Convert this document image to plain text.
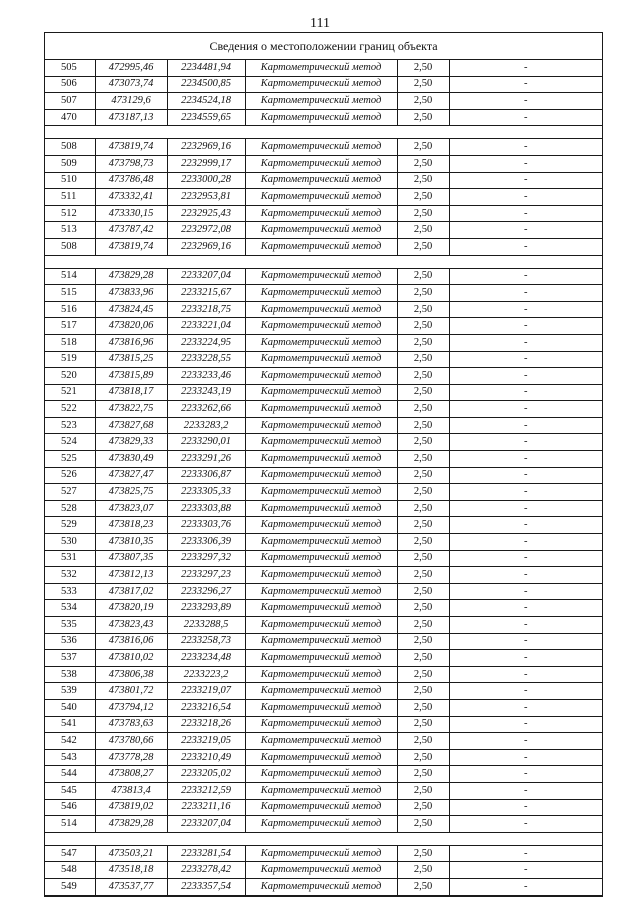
111
Сведения о местоположении границ объекта
505	472995,46	2234481,94	Картометрический метод	2,50	-
506	473073,74	2234500,85	Картометрический метод	2,50	-
507	473129,6	2234524,18	Картометрический метод	2,50	-
470	473187,13	2234559,65	Картометрический метод	2,50	-

508	473819,74	2232969,16	Картометрический метод	2,50	-
509	473798,73	2232999,17	Картометрический метод	2,50	-
510	473786,48	2233000,28	Картометрический метод	2,50	-
511	473332,41	2232953,81	Картометрический метод	2,50	-
512	473330,15	2232925,43	Картометрический метод	2,50	-
513	473787,42	2232972,08	Картометрический метод	2,50	-
508	473819,74	2232969,16	Картометрический метод	2,50	-

514	473829,28	2233207,04	Картометрический метод	2,50	-
515	473833,96	2233215,67	Картометрический метод	2,50	-
516	473824,45	2233218,75	Картометрический метод	2,50	-
517	473820,06	2233221,04	Картометрический метод	2,50	-
518	473816,96	2233224,95	Картометрический метод	2,50	-
519	473815,25	2233228,55	Картометрический метод	2,50	-
520	473815,89	2233233,46	Картометрический метод	2,50	-
521	473818,17	2233243,19	Картометрический метод	2,50	-
522	473822,75	2233262,66	Картометрический метод	2,50	-
523	473827,68	2233283,2	Картометрический метод	2,50	-
524	473829,33	2233290,01	Картометрический метод	2,50	-
525	473830,49	2233291,26	Картометрический метод	2,50	-
526	473827,47	2233306,87	Картометрический метод	2,50	-
527	473825,75	2233305,33	Картометрический метод	2,50	-
528	473823,07	2233303,88	Картометрический метод	2,50	-
529	473818,23	2233303,76	Картометрический метод	2,50	-
530	473810,35	2233306,39	Картометрический метод	2,50	-
531	473807,35	2233297,32	Картометрический метод	2,50	-
532	473812,13	2233297,23	Картометрический метод	2,50	-
533	473817,02	2233296,27	Картометрический метод	2,50	-
534	473820,19	2233293,89	Картометрический метод	2,50	-
535	473823,43	2233288,5	Картометрический метод	2,50	-
536	473816,06	2233258,73	Картометрический метод	2,50	-
537	473810,02	2233234,48	Картометрический метод	2,50	-
538	473806,38	2233223,2	Картометрический метод	2,50	-
539	473801,72	2233219,07	Картометрический метод	2,50	-
540	473794,12	2233216,54	Картометрический метод	2,50	-
541	473783,63	2233218,26	Картометрический метод	2,50	-
542	473780,66	2233219,05	Картометрический метод	2,50	-
543	473778,28	2233210,49	Картометрический метод	2,50	-
544	473808,27	2233205,02	Картометрический метод	2,50	-
545	473813,4	2233212,59	Картометрический метод	2,50	-
546	473819,02	2233211,16	Картометрический метод	2,50	-
514	473829,28	2233207,04	Картометрический метод	2,50	-

547	473503,21	2233281,54	Картометрический метод	2,50	-
548	473518,18	2233278,42	Картометрический метод	2,50	-
549	473537,77	2233357,54	Картометрический метод	2,50	-
